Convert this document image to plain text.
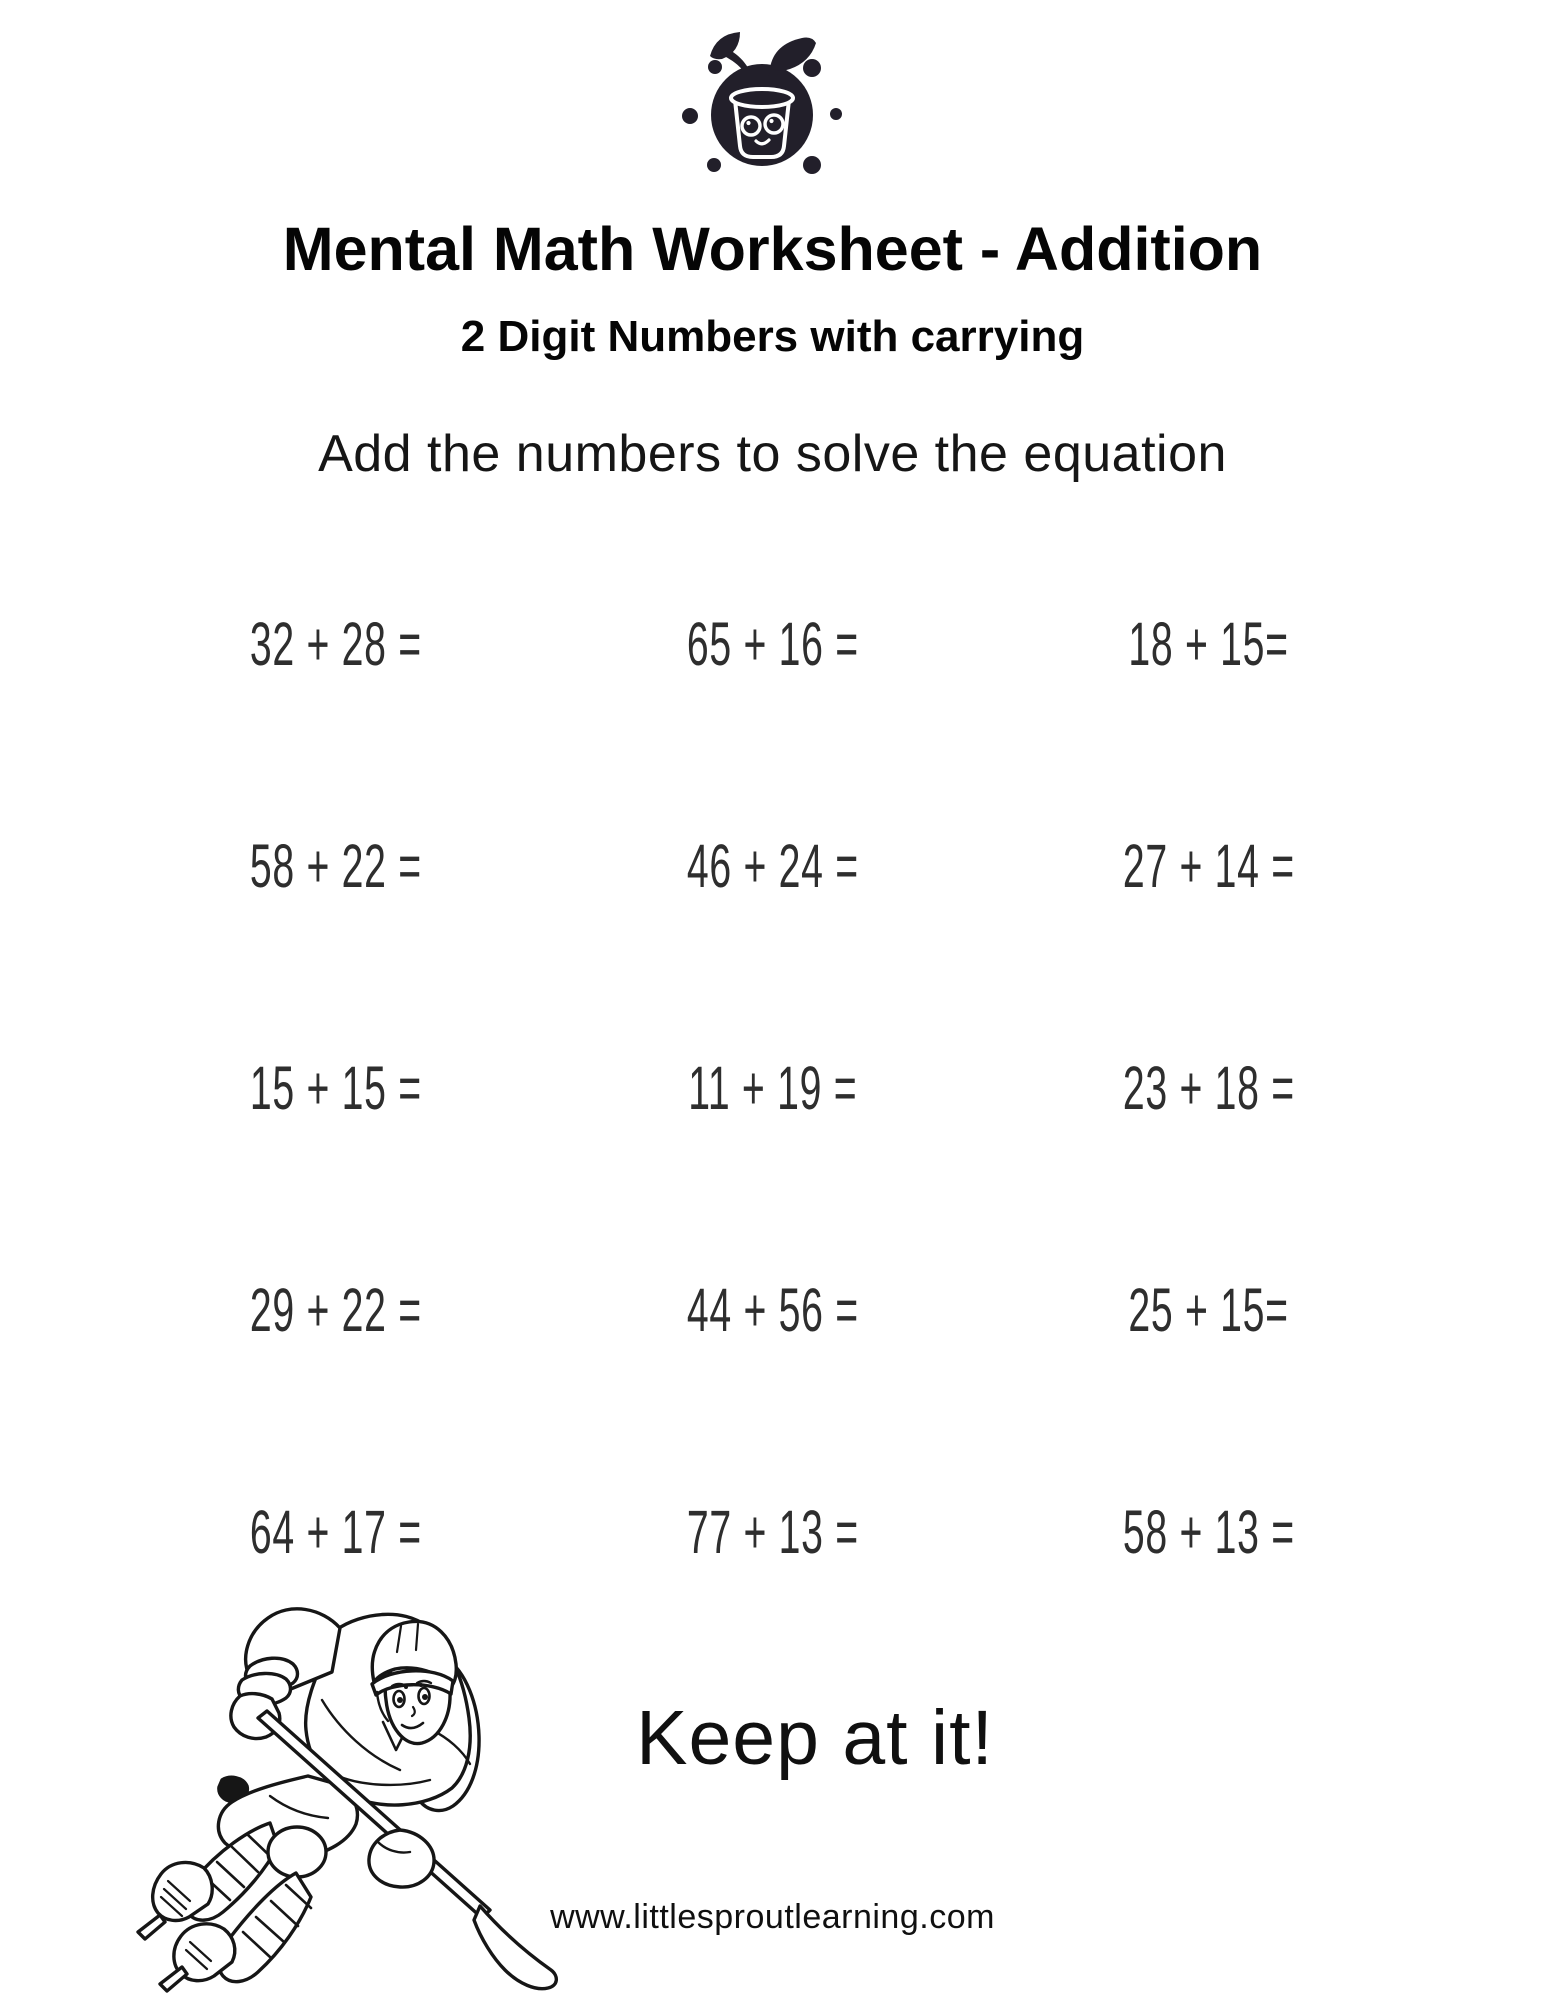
Mental Math Worksheet - Addition
2 Digit Numbers with carrying
Add the numbers to solve the equation
32 + 28 =	65 + 16 =	18 + 15=
58 + 22 =	46 + 24 =	27 + 14 =
15 + 15 =	11 + 19 =	23 + 18 =
29 + 22 =	44 + 56 =	25 + 15=
64 + 17 =	77 + 13 =	58 + 13 =
Keep at it!
www.littlesproutlearning.com
